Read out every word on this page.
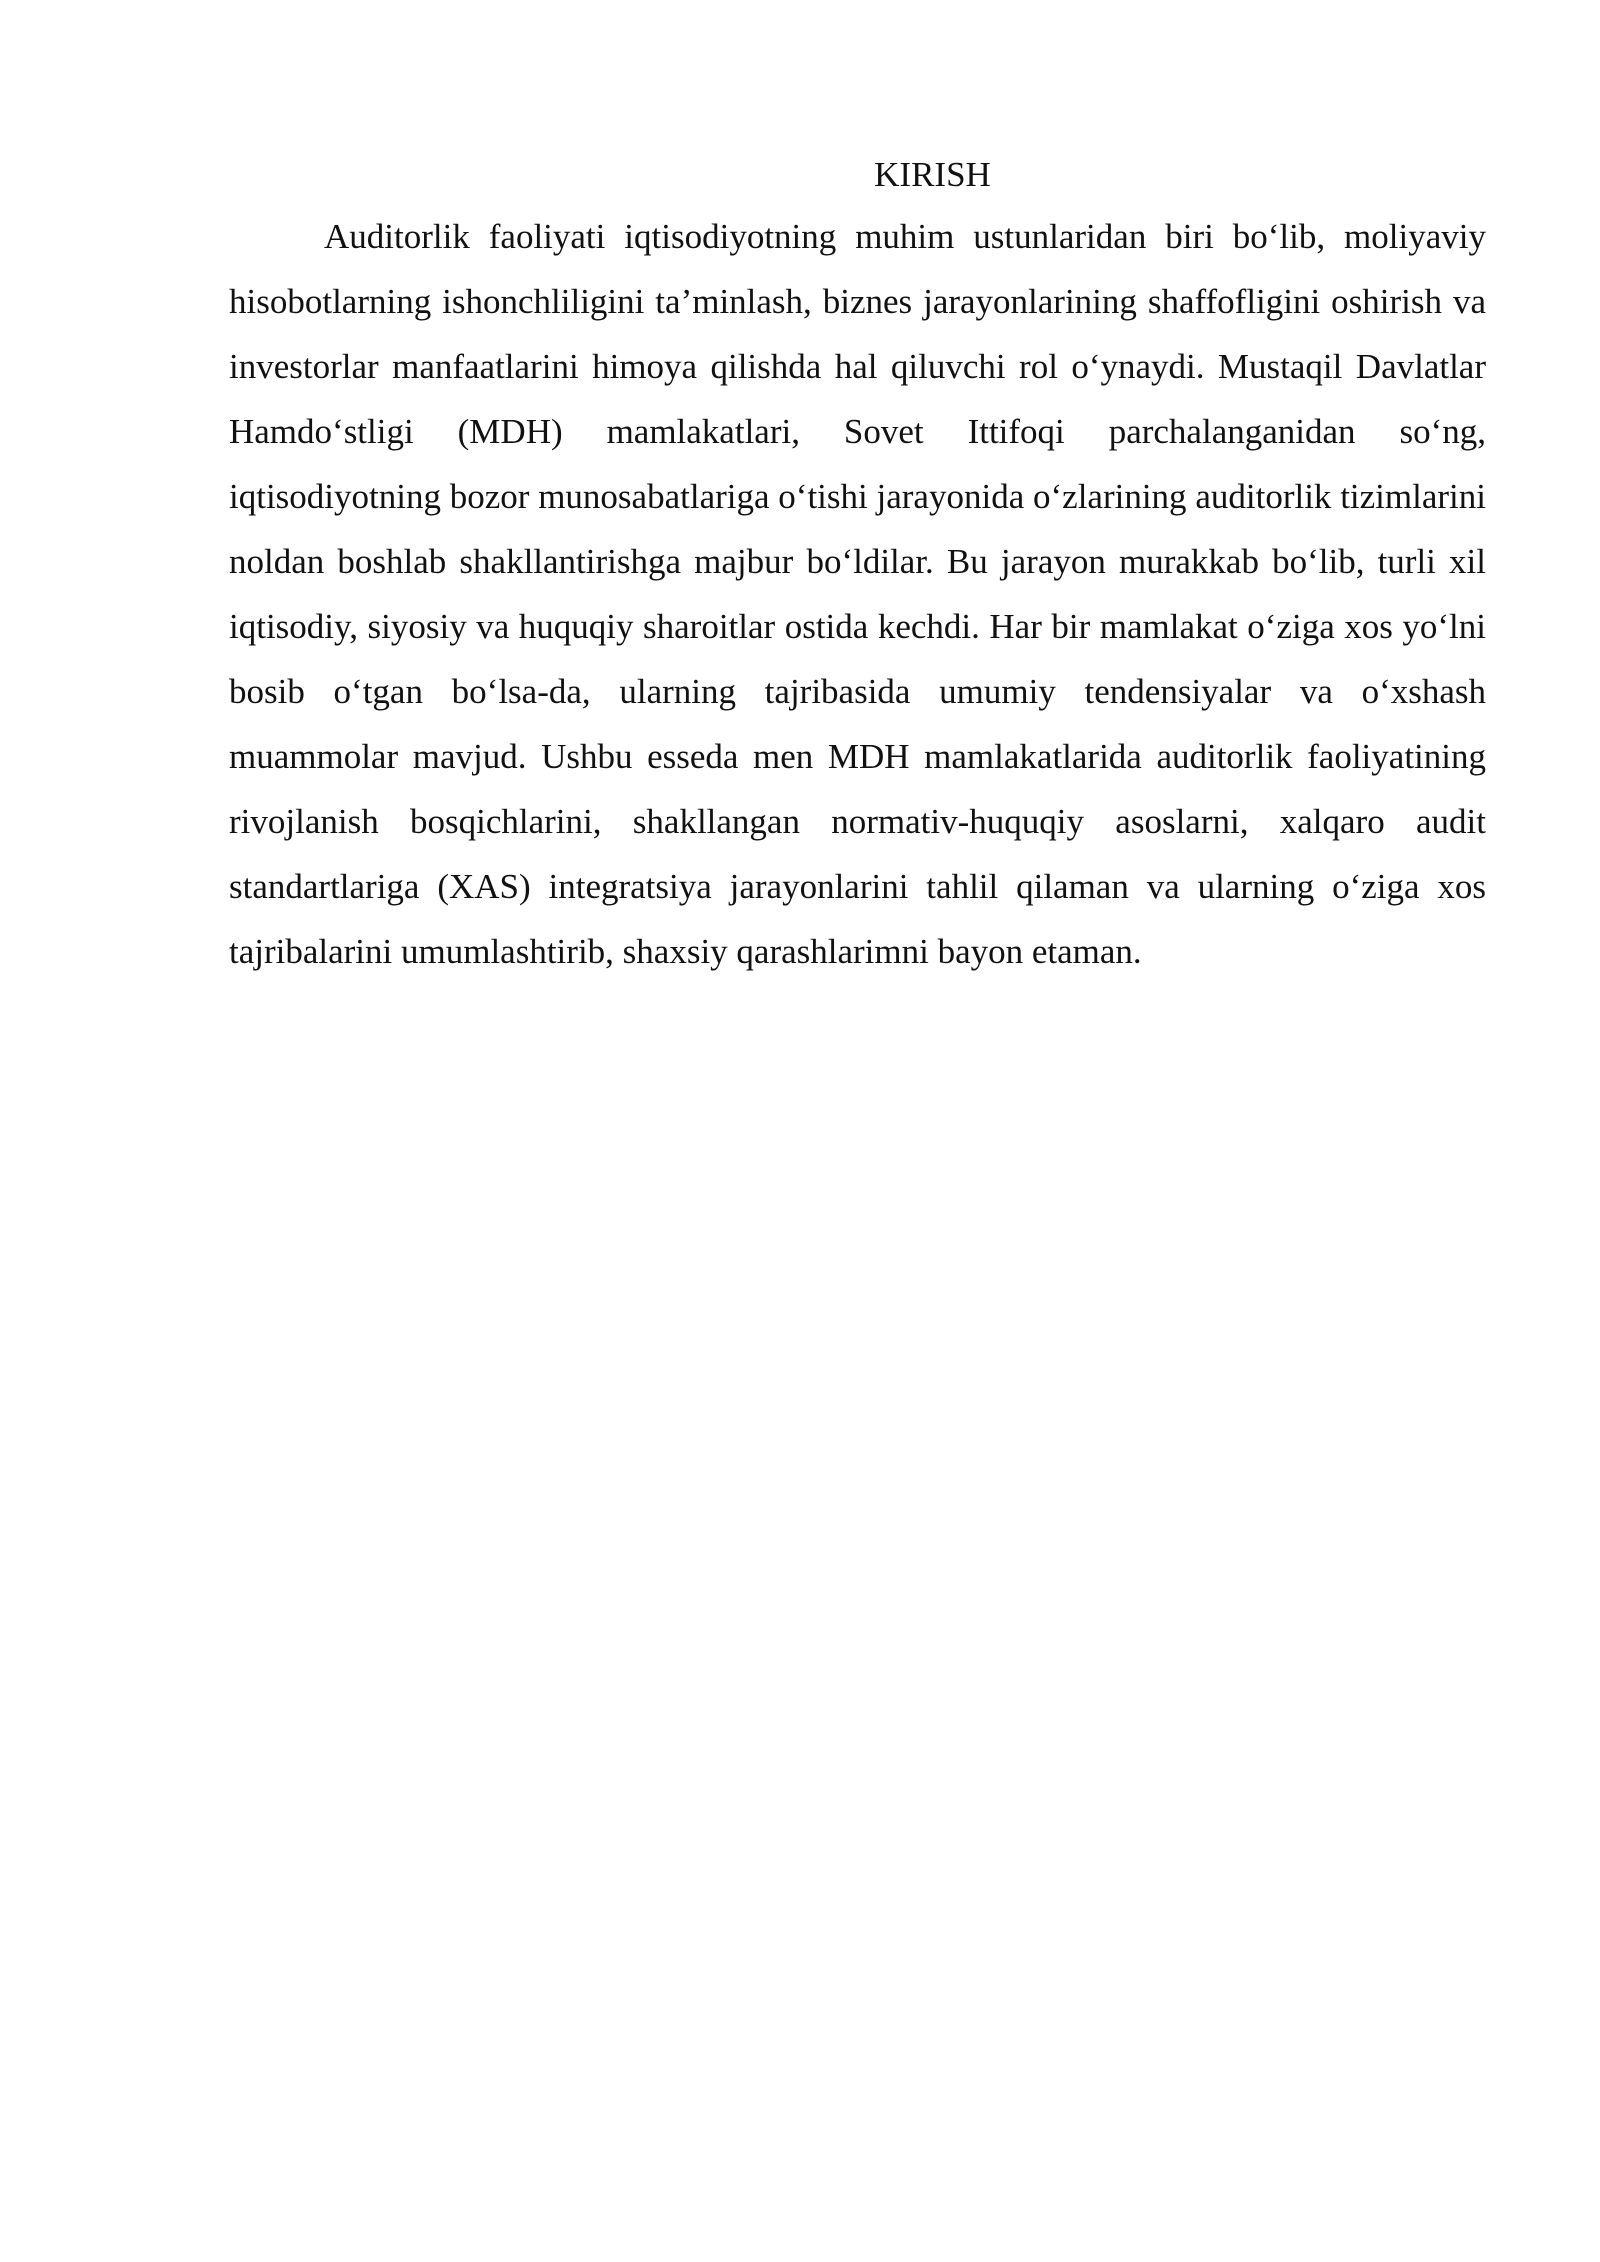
KIRISH

Auditorlik faoliyati iqtisodiyotning muhim ustunlaridan biri bo‘lib, moliyaviy hisobotlarning ishonchliligini ta’minlash, biznes jarayonlarining shaffofligini oshirish va investorlar manfaatlarini himoya qilishda hal qiluvchi rol o‘ynaydi. Mustaqil Davlatlar Hamdo‘stligi (MDH) mamlakatlari, Sovet Ittifoqi parchalanganidan so‘ng, iqtisodiyotning bozor munosabatlariga o‘tishi jarayonida o‘zlarining auditorlik tizimlarini noldan boshlab shakllantirishga majbur bo‘ldilar. Bu jarayon murakkab bo‘lib, turli xil iqtisodiy, siyosiy va huquqiy sharoitlar ostida kechdi. Har bir mamlakat o‘ziga xos yo‘lni bosib o‘tgan bo‘lsa-da, ularning tajribasida umumiy tendensiyalar va o‘xshash muammolar mavjud. Ushbu esseda men MDH mamlakatlarida auditorlik faoliyatining rivojlanish bosqichlarini, shakllangan normativ-huquqiy asoslarni, xalqaro audit standartlariga (XAS) integratsiya jarayonlarini tahlil qilaman va ularning o‘ziga xos tajribalarini umumlashtirib, shaxsiy qarashlarimni bayon etaman.
